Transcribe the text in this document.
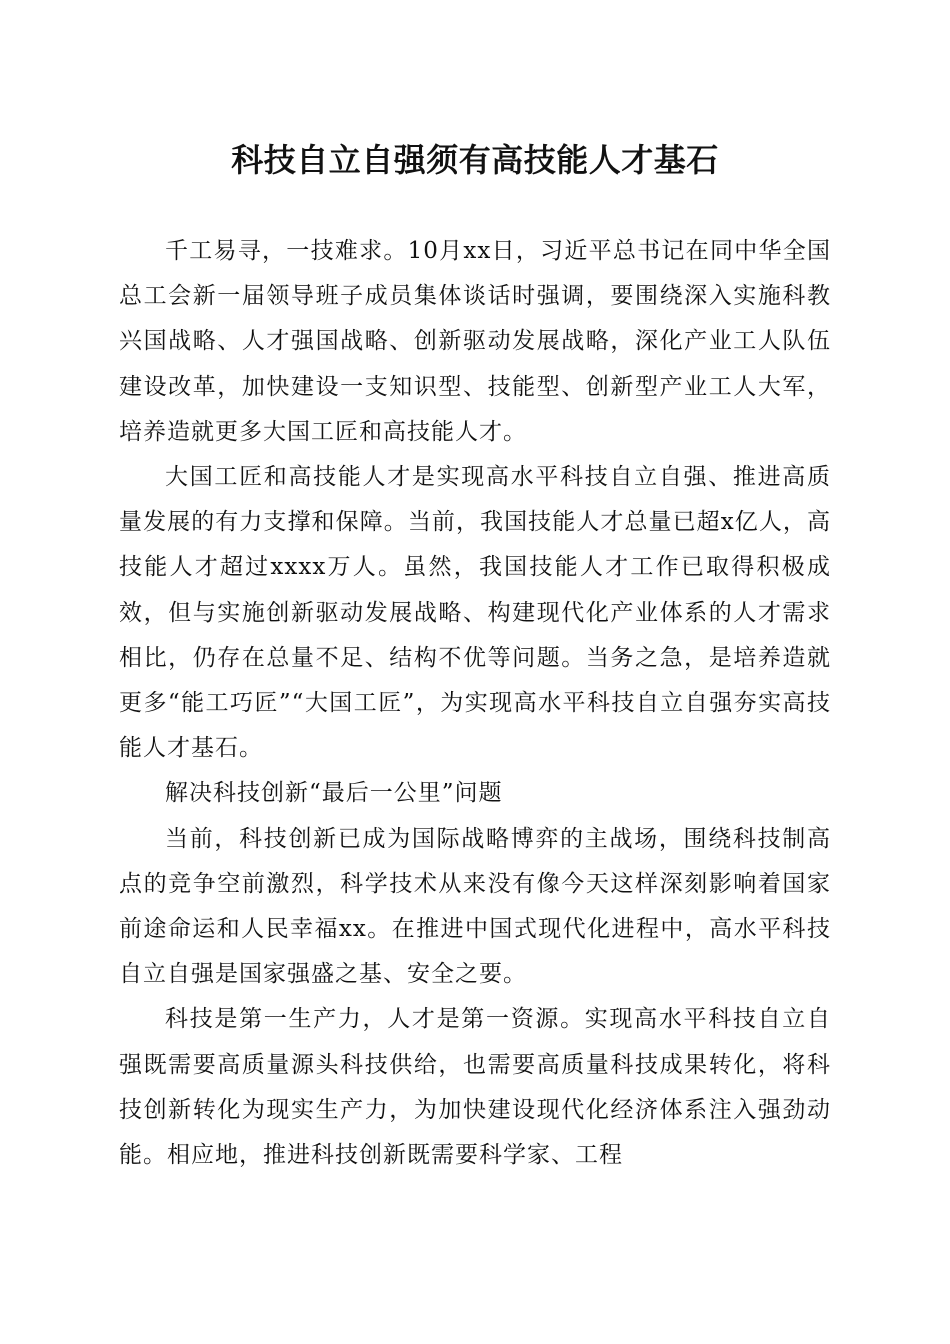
科技自立自强须有高技能人才基石

千工易寻，一技难求。10月xx日，习近平总书记在同中华全国总工会新一届领导班子成员集体谈话时强调，要围绕深入实施科教兴国战略、人才强国战略、创新驱动发展战略，深化产业工人队伍建设改革，加快建设一支知识型、技能型、创新型产业工人大军，培养造就更多大国工匠和高技能人才。

大国工匠和高技能人才是实现高水平科技自立自强、推进高质量发展的有力支撑和保障。当前，我国技能人才总量已超x亿人，高技能人才超过xxxx万人。虽然，我国技能人才工作已取得积极成效，但与实施创新驱动发展战略、构建现代化产业体系的人才需求相比，仍存在总量不足、结构不优等问题。当务之急，是培养造就更多“能工巧匠”“大国工匠”，为实现高水平科技自立自强夯实高技能人才基石。

解决科技创新“最后一公里”问题

当前，科技创新已成为国际战略博弈的主战场，围绕科技制高点的竞争空前激烈，科学技术从来没有像今天这样深刻影响着国家前途命运和人民幸福xx。在推进中国式现代化进程中，高水平科技自立自强是国家强盛之基、安全之要。

科技是第一生产力，人才是第一资源。实现高水平科技自立自强既需要高质量源头科技供给，也需要高质量科技成果转化，将科技创新转化为现实生产力，为加快建设现代化经济体系注入强劲动能。相应地，推进科技创新既需要科学家、工程
